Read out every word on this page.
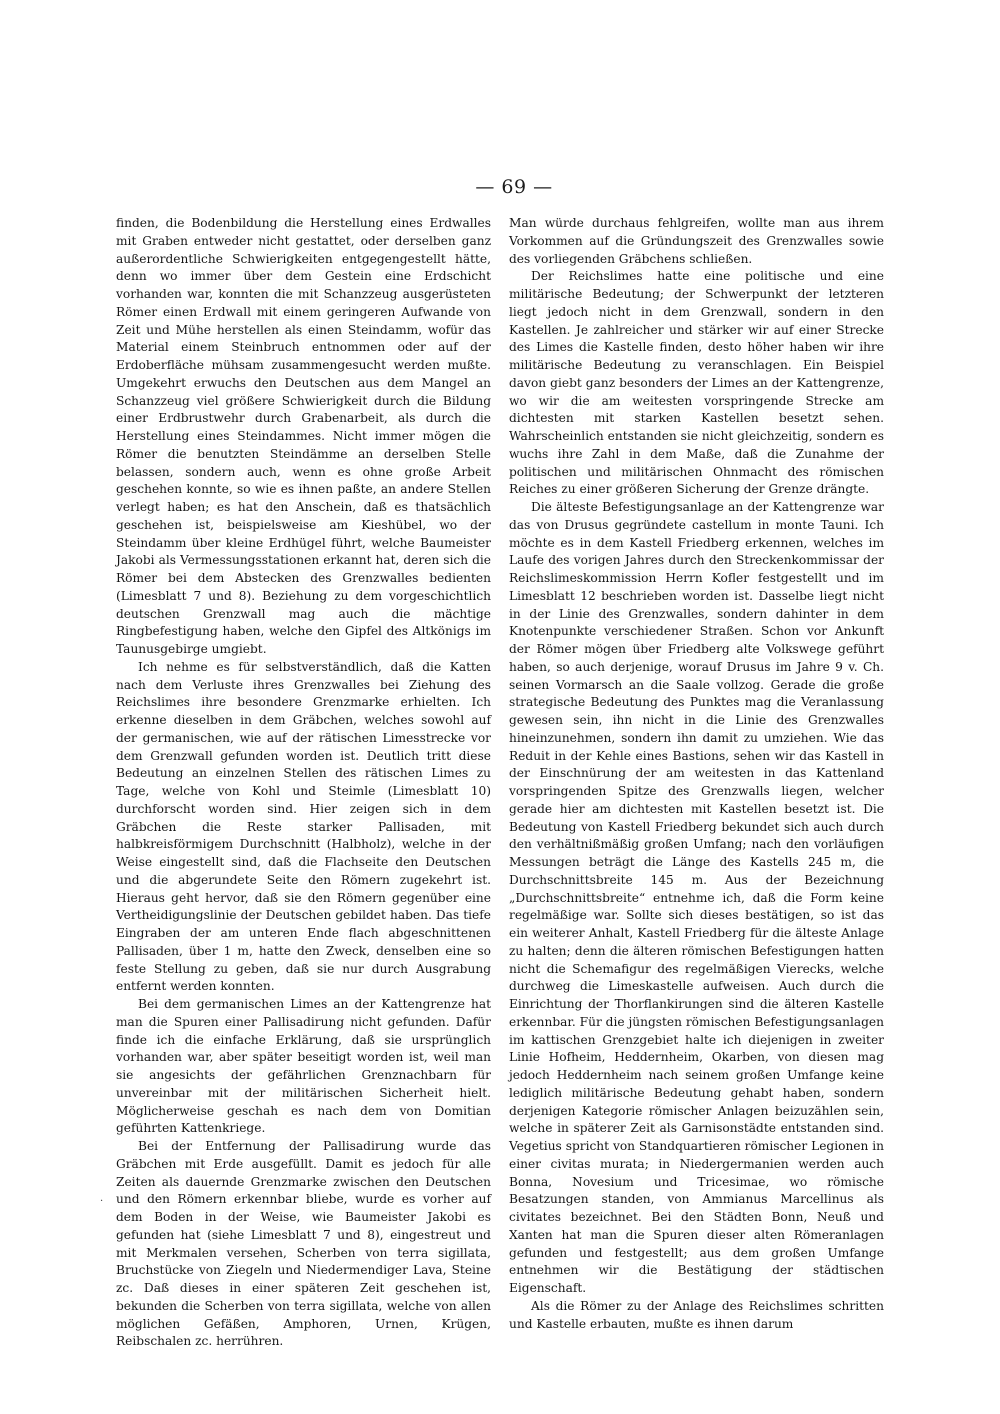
— 69 —

finden, die Bodenbildung die Herstellung eines Erdwalles mit Graben entweder nicht gestattet, oder derselben ganz außerordentliche Schwierigkeiten entgegengestellt hätte, denn wo immer über dem Gestein eine Erdschicht vorhanden war, konnten die mit Schanzzeug ausgerüsteten Römer einen Erdwall mit einem geringeren Aufwande von Zeit und Mühe herstellen als einen Steindamm, wofür das Material einem Steinbruch entnommen oder auf der Erdoberfläche mühsam zusammengesucht werden mußte. Umgekehrt erwuchs den Deutschen aus dem Mangel an Schanzzeug viel größere Schwierigkeit durch die Bildung einer Erdbrustwehr durch Grabenarbeit, als durch die Herstellung eines Steindammes. Nicht immer mögen die Römer die benutzten Steindämme an derselben Stelle belassen, sondern auch, wenn es ohne große Arbeit geschehen konnte, so wie es ihnen paßte, an andere Stellen verlegt haben; es hat den Anschein, daß es thatsächlich geschehen ist, beispielsweise am Kieshübel, wo der Steindamm über kleine Erdhügel führt, welche Baumeister Jakobi als Vermessungsstationen erkannt hat, deren sich die Römer bei dem Abstecken des Grenzwalles bedienten (Limesblatt 7 und 8). Beziehung zu dem vorgeschichtlich deutschen Grenzwall mag auch die mächtige Ringbefestigung haben, welche den Gipfel des Altkönigs im Taunusgebirge umgiebt.

Ich nehme es für selbstverständlich, daß die Katten nach dem Verluste ihres Grenzwalles bei Ziehung des Reichslimes ihre besondere Grenzmarke erhielten. Ich erkenne dieselben in dem Gräbchen, welches sowohl auf der germanischen, wie auf der rätischen Limesstrecke vor dem Grenzwall gefunden worden ist. Deutlich tritt diese Bedeutung an einzelnen Stellen des rätischen Limes zu Tage, welche von Kohl und Steimle (Limesblatt 10) durchforscht worden sind. Hier zeigen sich in dem Gräbchen die Reste starker Pallisaden, mit halbkreisförmigem Durchschnitt (Halbholz), welche in der Weise eingestellt sind, daß die Flachseite den Deutschen und die abgerundete Seite den Römern zugekehrt ist. Hieraus geht hervor, daß sie den Römern gegenüber eine Vertheidigungslinie der Deutschen gebildet haben. Das tiefe Eingraben der am unteren Ende flach abgeschnittenen Pallisaden, über 1 m, hatte den Zweck, denselben eine so feste Stellung zu geben, daß sie nur durch Ausgrabung entfernt werden konnten.

Bei dem germanischen Limes an der Kattengrenze hat man die Spuren einer Pallisadirung nicht gefunden. Dafür finde ich die einfache Erklärung, daß sie ursprünglich vorhanden war, aber später beseitigt worden ist, weil man sie angesichts der gefährlichen Grenznachbarn für unvereinbar mit der militärischen Sicherheit hielt. Möglicherweise geschah es nach dem von Domitian geführten Kattenkriege.

Bei der Entfernung der Pallisadirung wurde das Gräbchen mit Erde ausgefüllt. Damit es jedoch für alle Zeiten als dauernde Grenzmarke zwischen den Deutschen und den Römern erkennbar bliebe, wurde es vorher auf dem Boden in der Weise, wie Baumeister Jakobi es gefunden hat (siehe Limesblatt 7 und 8), eingestreut und mit Merkmalen versehen, Scherben von terra sigillata, Bruchstücke von Ziegeln und Niedermendiger Lava, Steine zc. Daß dieses in einer späteren Zeit geschehen ist, bekunden die Scherben von terra sigillata, welche von allen möglichen Gefäßen, Amphoren, Urnen, Krügen, Reibschalen zc. herrühren.

Man würde durchaus fehlgreifen, wollte man aus ihrem Vorkommen auf die Gründungszeit des Grenzwalles sowie des vorliegenden Gräbchens schließen.

Der Reichslimes hatte eine politische und eine militärische Bedeutung; der Schwerpunkt der letzteren liegt jedoch nicht in dem Grenzwall, sondern in den Kastellen. Je zahlreicher und stärker wir auf einer Strecke des Limes die Kastelle finden, desto höher haben wir ihre militärische Bedeutung zu veranschlagen. Ein Beispiel davon giebt ganz besonders der Limes an der Kattengrenze, wo wir die am weitesten vorspringende Strecke am dichtesten mit starken Kastellen besetzt sehen. Wahrscheinlich entstanden sie nicht gleichzeitig, sondern es wuchs ihre Zahl in dem Maße, daß die Zunahme der politischen und militärischen Ohnmacht des römischen Reiches zu einer größeren Sicherung der Grenze drängte.

Die älteste Befestigungsanlage an der Kattengrenze war das von Drusus gegründete castellum in monte Tauni. Ich möchte es in dem Kastell Friedberg erkennen, welches im Laufe des vorigen Jahres durch den Streckenkommissar der Reichslimeskommission Herrn Kofler festgestellt und im Limesblatt 12 beschrieben worden ist. Dasselbe liegt nicht in der Linie des Grenzwalles, sondern dahinter in dem Knotenpunkte verschiedener Straßen. Schon vor Ankunft der Römer mögen über Friedberg alte Volkswege geführt haben, so auch derjenige, worauf Drusus im Jahre 9 v. Ch. seinen Vormarsch an die Saale vollzog. Gerade die große strategische Bedeutung des Punktes mag die Veranlassung gewesen sein, ihn nicht in die Linie des Grenzwalles hineinzunehmen, sondern ihn damit zu umziehen. Wie das Reduit in der Kehle eines Bastions, sehen wir das Kastell in der Einschnürung der am weitesten in das Kattenland vorspringenden Spitze des Grenzwalls liegen, welcher gerade hier am dichtesten mit Kastellen besetzt ist. Die Bedeutung von Kastell Friedberg bekundet sich auch durch den verhältnißmäßig großen Umfang; nach den vorläufigen Messungen beträgt die Länge des Kastells 245 m, die Durchschnittsbreite 145 m. Aus der Bezeichnung „Durchschnittsbreite“ entnehme ich, daß die Form keine regelmäßige war. Sollte sich dieses bestätigen, so ist das ein weiterer Anhalt, Kastell Friedberg für die älteste Anlage zu halten; denn die älteren römischen Befestigungen hatten nicht die Schemafigur des regelmäßigen Vierecks, welche durchweg die Limeskastelle aufweisen. Auch durch die Einrichtung der Thorflankirungen sind die älteren Kastelle erkennbar. Für die jüngsten römischen Befestigungsanlagen im kattischen Grenzgebiet halte ich diejenigen in zweiter Linie Hofheim, Heddernheim, Okarben, von diesen mag jedoch Heddernheim nach seinem großen Umfange keine lediglich militärische Bedeutung gehabt haben, sondern derjenigen Kategorie römischer Anlagen beizuzählen sein, welche in späterer Zeit als Garnisonstädte entstanden sind. Vegetius spricht von Standquartieren römischer Legionen in einer civitas murata; in Niedergermanien werden auch Bonna, Novesium und Tricesimae, wo römische Besatzungen standen, von Ammianus Marcellinus als civitates bezeichnet. Bei den Städten Bonn, Neuß und Xanten hat man die Spuren dieser alten Römeranlagen gefunden und festgestellt; aus dem großen Umfange entnehmen wir die Bestätigung der städtischen Eigenschaft.

Als die Römer zu der Anlage des Reichslimes schritten und Kastelle erbauten, mußte es ihnen darum

·
